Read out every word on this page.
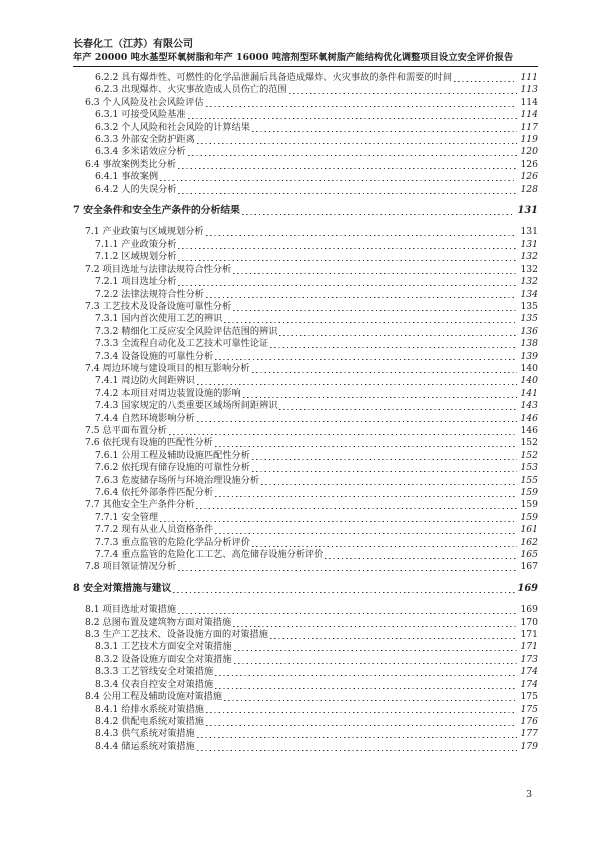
长春化工（江苏）有限公司
年产 20000 吨水基型环氧树脂和年产 16000 吨溶剂型环氧树脂产能结构优化调整项目设立安全评价报告
6.2.2 具有爆炸性、可燃性的化学品泄漏后具备造成爆炸、火灾事故的条件和需要的时间	111
6.2.3 出现爆炸、火灾事故造成人员伤亡的范围	113
6.3 个人风险及社会风险评估	114
6.3.1 可接受风险基准	114
6.3.2 个人风险和社会风险的计算结果	117
6.3.3 外部安全防护距离	119
6.3.4 多米诺效应分析	120
6.4 事故案例类比分析	126
6.4.1 事故案例	126
6.4.2 人的失误分析	128
7 安全条件和安全生产条件的分析结果	131
7.1 产业政策与区域规划分析	131
7.1.1 产业政策分析	131
7.1.2 区域规划分析	132
7.2 项目选址与法律法规符合性分析	132
7.2.1 项目选址分析	132
7.2.2 法律法规符合性分析	134
7.3 工艺技术及设备设施可靠性分析	135
7.3.1 国内首次使用工艺的辨识	135
7.3.2 精细化工反应安全风险评估范围的辨识	136
7.3.3 全流程自动化及工艺技术可靠性论证	138
7.3.4 设备设施的可靠性分析	139
7.4 周边环境与建设项目的相互影响分析	140
7.4.1 周边防火间距辨识	140
7.4.2 本项目对周边装置设施的影响	141
7.4.3 国家规定的八类重要区域场所间距辨识	143
7.4.4 自然环境影响分析	146
7.5 总平面布置分析	146
7.6 依托现有设施的匹配性分析	152
7.6.1 公用工程及辅助设施匹配性分析	152
7.6.2 依托现有储存设施的可靠性分析	153
7.6.3 危废储存场所与环境治理设施分析	155
7.6.4 依托外部条件匹配分析	159
7.7 其他安全生产条件分析	159
7.7.1 安全管理	159
7.7.2 现有从业人员资格条件	161
7.7.3 重点监管的危险化学品分析评价	162
7.7.4 重点监管的危险化工工艺、高危储存设施分析评价	165
7.8 项目领证情况分析	167
8 安全对策措施与建议	169
8.1 项目选址对策措施	169
8.2 总图布置及建筑物方面对策措施	170
8.3 生产工艺技术、设备设施方面的对策措施	171
8.3.1 工艺技术方面安全对策措施	171
8.3.2 设备设施方面安全对策措施	173
8.3.3 工艺管线安全对策措施	174
8.3.4 仪表自控安全对策措施	174
8.4 公用工程及辅助设施对策措施	175
8.4.1 给排水系统对策措施	175
8.4.2 供配电系统对策措施	176
8.4.3 供气系统对策措施	177
8.4.4 储运系统对策措施	179
3
